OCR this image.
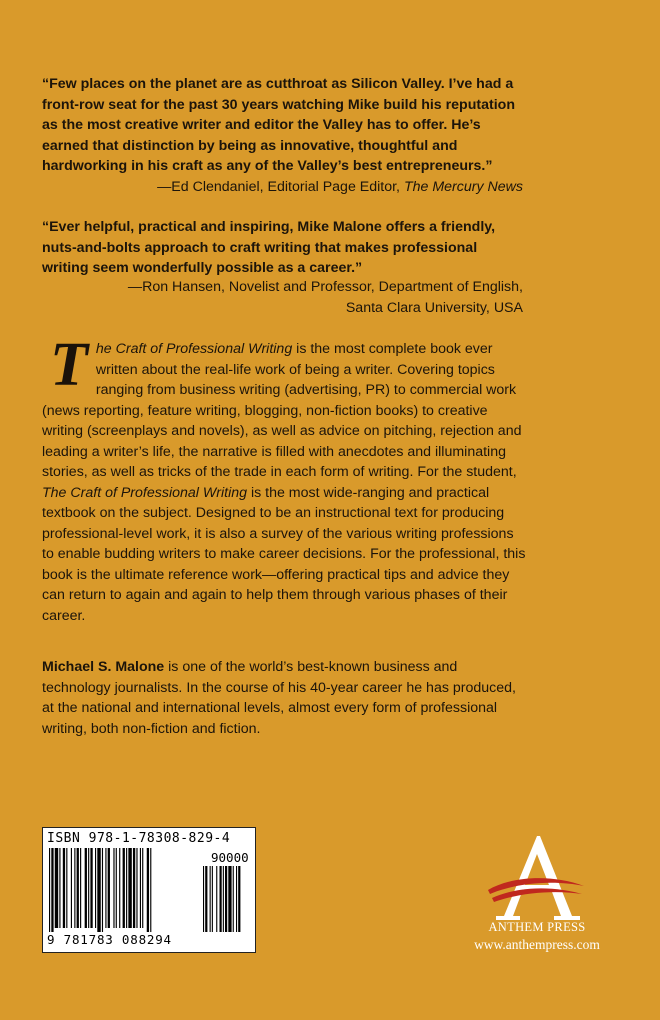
“Few places on the planet are as cutthroat as Silicon Valley. I’ve had a front-row seat for the past 30 years watching Mike build his reputation as the most creative writer and editor the Valley has to offer. He’s earned that distinction by being as innovative, thoughtful and hardworking in his craft as any of the Valley’s best entrepreneurs.”

—Ed Clendaniel, Editorial Page Editor, The Mercury News

“Ever helpful, practical and inspiring, Mike Malone offers a friendly, nuts-and-bolts approach to craft writing that makes professional writing seem wonderfully possible as a career.”

—Ron Hansen, Novelist and Professor, Department of English,
Santa Clara University, USA
The Craft of Professional Writing is the most complete book ever written about the real-life work of being a writer. Covering topics ranging from business writing (advertising, PR) to commercial work (news reporting, feature writing, blogging, non-fiction books) to creative writing (screenplays and novels), as well as advice on pitching, rejection and leading a writer’s life, the narrative is filled with anecdotes and illuminating stories, as well as tricks of the trade in each form of writing. For the student, The Craft of Professional Writing is the most wide-ranging and practical textbook on the subject. Designed to be an instructional text for producing professional-level work, it is also a survey of the various writing professions to enable budding writers to make career decisions. For the professional, this book is the ultimate reference work—offering practical tips and advice they can return to again and again to help them through various phases of their career.
Michael S. Malone is one of the world’s best-known business and technology journalists. In the course of his 40-year career he has produced, at the national and international levels, almost every form of professional writing, both non-fiction and fiction.
ISBN 978-1-78308-829-4
90000
9 781783 088294
ANTHEM PRESS
www.anthempress.com
